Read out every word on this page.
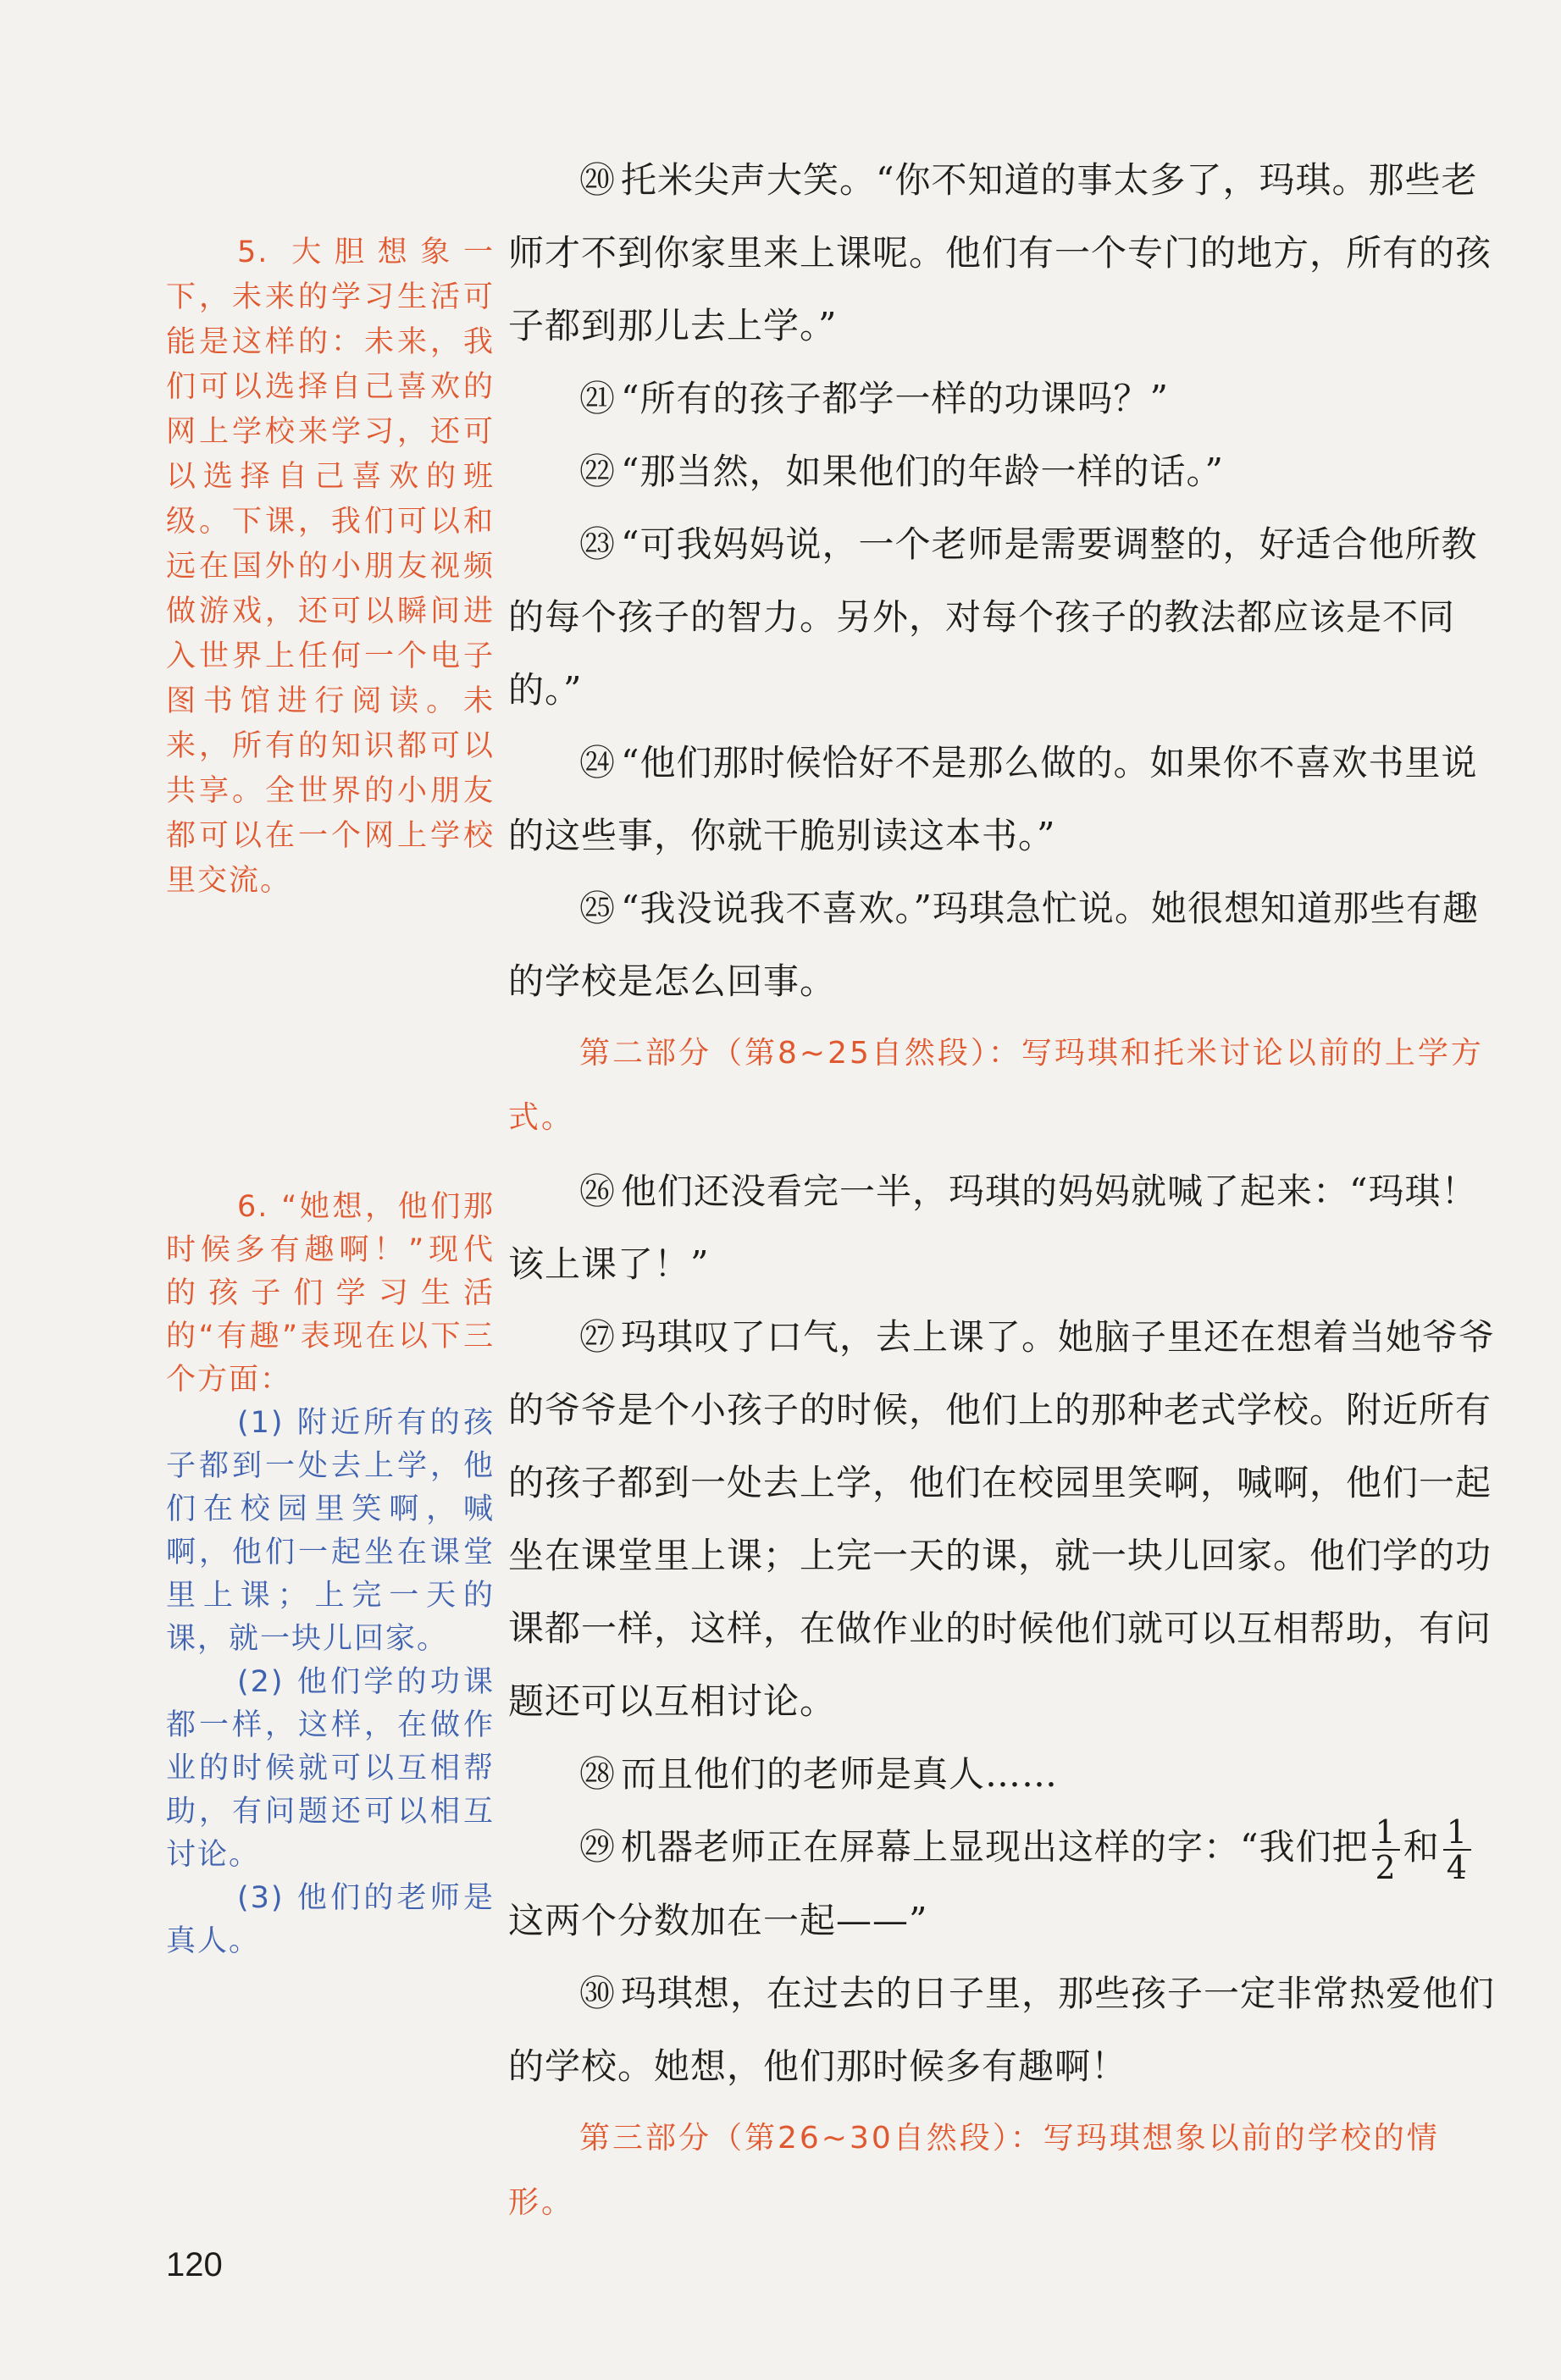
5. 大胆想象一下，未来的学习生活可能是这样的：未来，我们可以选择自己喜欢的网上学校来学习，还可以选择自己喜欢的班级。下课，我们可以和远在国外的小朋友视频做游戏，还可以瞬间进入世界上任何一个电子图书馆进行阅读。未来，所有的知识都可以共享。全世界的小朋友都可以在一个网上学校里交流。

6. “她想，他们那时候多有趣啊！”现代的孩子们学习生活的“有趣”表现在以下三个方面：

(1) 附近所有的孩子都到一处去上学，他们在校园里笑啊，喊啊，他们一起坐在课堂里上课；上完一天的课，就一块儿回家。

(2) 他们学的功课都一样，这样，在做作业的时候就可以互相帮助，有问题还可以相互讨论。

(3) 他们的老师是真人。

⑳ 托米尖声大笑。“你不知道的事太多了，玛琪。那些老师才不到你家里来上课呢。他们有一个专门的地方，所有的孩子都到那儿去上学。”

㉑ “所有的孩子都学一样的功课吗？”

㉒ “那当然，如果他们的年龄一样的话。”

㉓ “可我妈妈说，一个老师是需要调整的，好适合他所教的每个孩子的智力。另外，对每个孩子的教法都应该是不同的。”

㉔ “他们那时候恰好不是那么做的。如果你不喜欢书里说的这些事，你就干脆别读这本书。”

㉕ “我没说我不喜欢。”玛琪急忙说。她很想知道那些有趣的学校是怎么回事。

第二部分（第8~25自然段）：写玛琪和托米讨论以前的上学方式。

㉖ 他们还没看完一半，玛琪的妈妈就喊了起来：“玛琪！该上课了！”

㉗ 玛琪叹了口气，去上课了。她脑子里还在想着当她爷爷的爷爷是个小孩子的时候，他们上的那种老式学校。附近所有的孩子都到一处去上学，他们在校园里笑啊，喊啊，他们一起坐在课堂里上课；上完一天的课，就一块儿回家。他们学的功课都一样，这样，在做作业的时候他们就可以互相帮助，有问题还可以互相讨论。

㉘ 而且他们的老师是真人……

㉙ 机器老师正在屏幕上显现出这样的字：“我们把 $\frac{1}{2}$ 和 $\frac{1}{4}$
这两个分数加在一起——”

㉚ 玛琪想，在过去的日子里，那些孩子一定非常热爱他们的学校。她想，他们那时候多有趣啊！

第三部分（第26~30自然段）：写玛琪想象以前的学校的情形。

120
